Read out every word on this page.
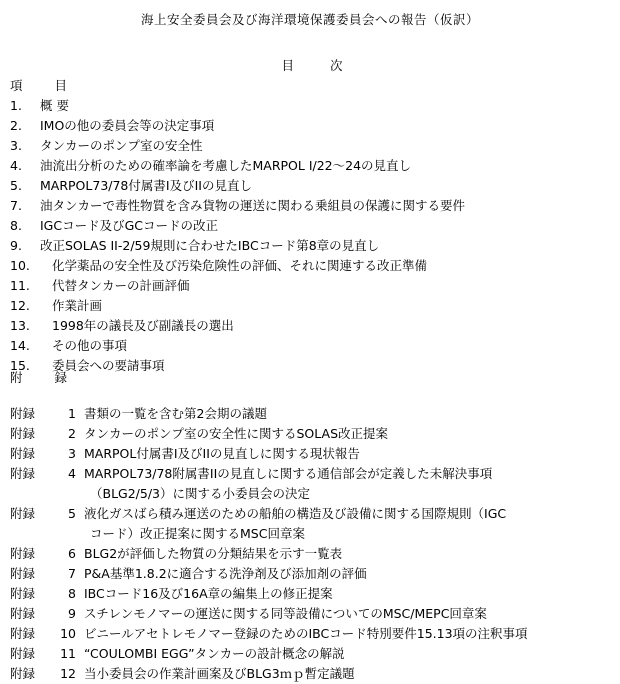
海上安全委員会及び海洋環境保護委員会への報告（仮訳）
目 次
項 目
1.	概 要
2.	IMOの他の委員会等の決定事項
3.	タンカーのポンプ室の安全性
4.	油流出分析のための確率論を考慮したMARPOL I/22～24の見直し
5.	MARPOL73/78付属書I及びIIの見直し
7.	油タンカーで毒性物質を含み貨物の運送に関わる乗組員の保護に関する要件
8.	IGCコード及びGCコードの改正
9.	改正SOLAS II-2/59規則に合わせたIBCコード第8章の見直し
10.	化学薬品の安全性及び汚染危険性の評価、それに関連する改正準備
11.	代替タンカーの計画評価
12.	作業計画
13.	1998年の議長及び副議長の選出
14.	その他の事項
15.	委員会への要請事項
附 録
附録	1 書類の一覧を含む第2会期の議題
附録	2 タンカーのポンプ室の安全性に関するSOLAS改正提案
附録	3 MARPOL付属書I及びIIの見直しに関する現状報告
附録	4 MARPOL73/78附属書IIの見直しに関する通信部会が定義した未解決事項
（BLG2/5/3）に関する小委員会の決定
附録	5 液化ガスばら積み運送のための船舶の構造及び設備に関する国際規則（IGC
コード）改正提案に関するMSC回章案
附録	6 BLG2が評価した物質の分類結果を示す一覧表
附録	7 P&A基準1.8.2に適合する洗浄剤及び添加剤の評価
附録	8 IBCコード16及び16A章の編集上の修正提案
附録	9 スチレンモノマーの運送に関する同等設備についてのMSC/MEPC回章案
附録	10 ビニールアセトレモノマー登録のためのIBCコード特別要件15.13項の注釈事項
附録	11 “COULOMBI EGG”タンカーの設計概念の解説
附録	12 当小委員会の作業計画案及びBLG3ｍｐ暫定議題
